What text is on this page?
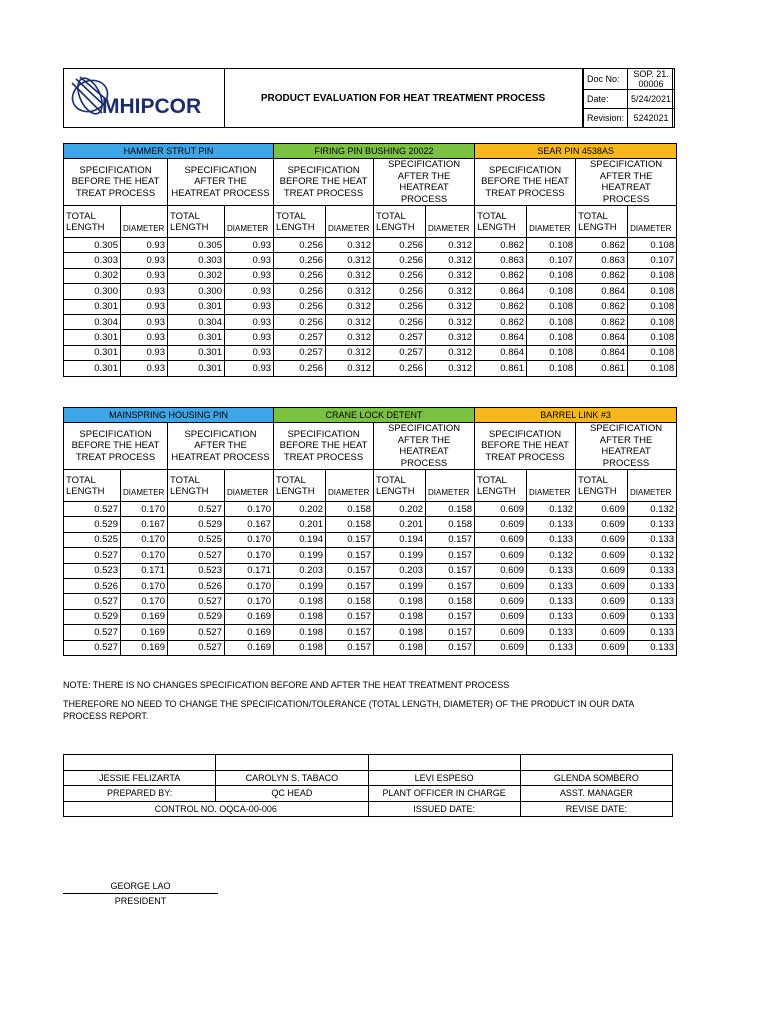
MHIPCOR	PRODUCT EVALUATION FOR HEAT TREATMENT PROCESS
Doc No:	SOP. 21. 00006
Date:	5/24/2021
Revision:	5242021
HAMMER STRUT PIN				FIRING PIN BUSHING 20022				SEAR PIN 4538AS			
SPECIFICATION BEFORE THE HEAT TREAT PROCESS		SPECIFICATION AFTER THE HEATREAT PROCESS		SPECIFICATION BEFORE THE HEAT TREAT PROCESS		SPECIFICATION AFTER THE HEATREAT PROCESS		SPECIFICATION BEFORE THE HEAT TREAT PROCESS		SPECIFICATION AFTER THE HEATREAT PROCESS	
TOTAL LENGTH	DIAMETER	TOTAL LENGTH	DIAMETER	TOTAL LENGTH	DIAMETER	TOTAL LENGTH	DIAMETER	TOTAL LENGTH	DIAMETER	TOTAL LENGTH	DIAMETER
0.305	0.93	0.305	0.93	0.256	0.312	0.256	0.312	0.862	0.108	0.862	0.108
0.303	0.93	0.303	0.93	0.256	0.312	0.256	0.312	0.863	0.107	0.863	0.107
0.302	0.93	0.302	0.93	0.256	0.312	0.256	0.312	0.862	0.108	0.862	0.108
0.300	0.93	0.300	0.93	0.256	0.312	0.256	0.312	0.864	0.108	0.864	0.108
0.301	0.93	0.301	0.93	0.256	0.312	0.256	0.312	0.862	0.108	0.862	0.108
0.304	0.93	0.304	0.93	0.256	0.312	0.256	0.312	0.862	0.108	0.862	0.108
0.301	0.93	0.301	0.93	0.257	0.312	0.257	0.312	0.864	0.108	0.864	0.108
0.301	0.93	0.301	0.93	0.257	0.312	0.257	0.312	0.864	0.108	0.864	0.108
0.301	0.93	0.301	0.93	0.256	0.312	0.256	0.312	0.861	0.108	0.861	0.108
MAINSPRING HOUSING PIN				CRANE LOCK DETENT				BARREL LINK #3			
SPECIFICATION BEFORE THE HEAT TREAT PROCESS		SPECIFICATION AFTER THE HEATREAT PROCESS		SPECIFICATION BEFORE THE HEAT TREAT PROCESS		SPECIFICATION AFTER THE HEATREAT PROCESS		SPECIFICATION BEFORE THE HEAT TREAT PROCESS		SPECIFICATION AFTER THE HEATREAT PROCESS	
TOTAL LENGTH	DIAMETER	TOTAL LENGTH	DIAMETER	TOTAL LENGTH	DIAMETER	TOTAL LENGTH	DIAMETER	TOTAL LENGTH	DIAMETER	TOTAL LENGTH	DIAMETER
0.527	0.170	0.527	0.170	0.202	0.158	0.202	0.158	0.609	0.132	0.609	0.132
0.529	0.167	0.529	0.167	0.201	0.158	0.201	0.158	0.609	0.133	0.609	0.133
0.525	0.170	0.525	0.170	0.194	0.157	0.194	0.157	0.609	0.133	0.609	0.133
0.527	0.170	0.527	0.170	0.199	0.157	0.199	0.157	0.609	0.132	0.609	0.132
0.523	0.171	0.523	0.171	0.203	0.157	0.203	0.157	0.609	0.133	0.609	0.133
0.526	0.170	0.526	0.170	0.199	0.157	0.199	0.157	0.609	0.133	0.609	0.133
0.527	0.170	0.527	0.170	0.198	0.158	0.198	0.158	0.609	0.133	0.609	0.133
0.529	0.169	0.529	0.169	0.198	0.157	0.198	0.157	0.609	0.133	0.609	0.133
0.527	0.169	0.527	0.169	0.198	0.157	0.198	0.157	0.609	0.133	0.609	0.133
0.527	0.169	0.527	0.169	0.198	0.157	0.198	0.157	0.609	0.133	0.609	0.133
NOTE: THERE IS NO CHANGES SPECIFICATION BEFORE AND AFTER THE HEAT TREATMENT PROCESS
THEREFORE NO NEED TO CHANGE THE SPECIFICATION/TOLERANCE (TOTAL LENGTH, DIAMETER) OF THE PRODUCT IN OUR DATA PROCESS REPORT.

JESSIE FELIZARTA	CAROLYN S. TABACO	LEVI ESPESO	GLENDA SOMBERO
PREPARED BY:	QC HEAD	PLANT OFFICER IN CHARGE	ASST. MANAGER
CONTROL NO. OQCA-00-006		ISSUED DATE:	REVISE DATE:
GEORGE LAO
PRESIDENT
